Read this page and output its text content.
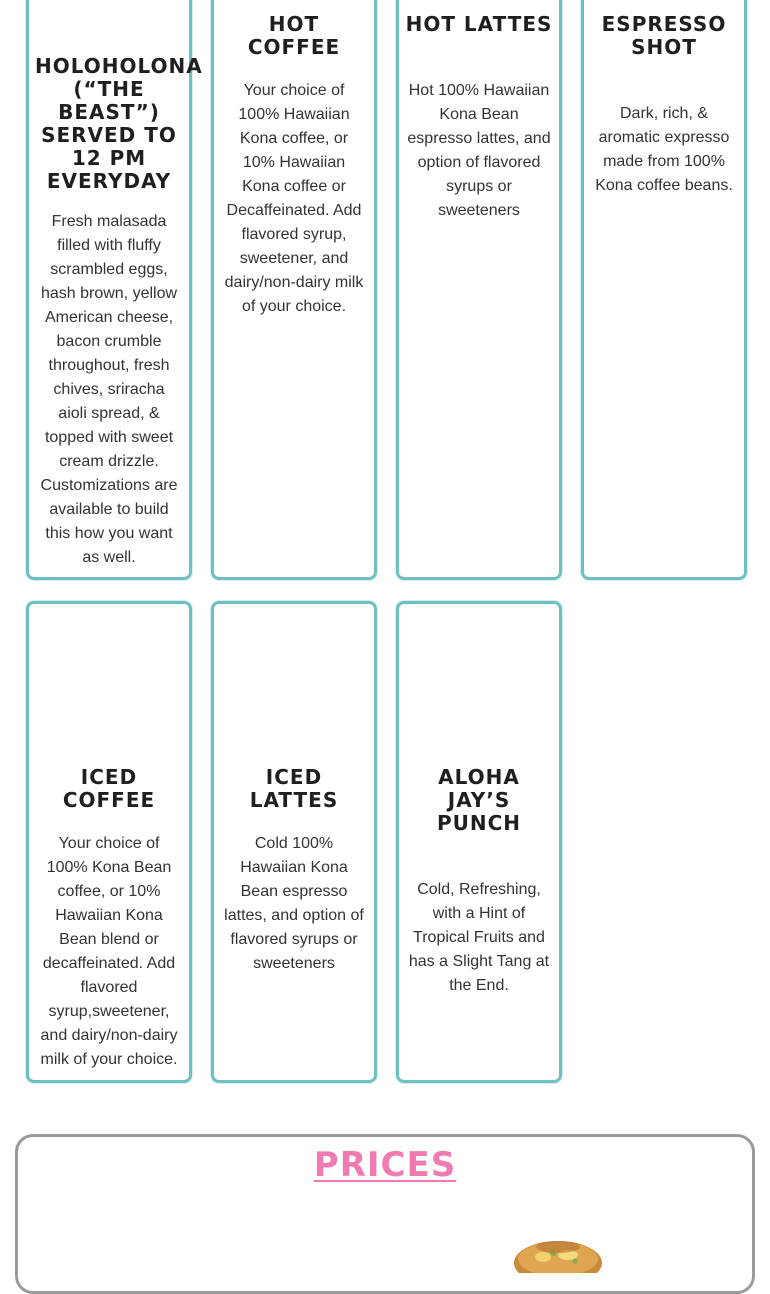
HOLOHOLONA (“THE BEAST”) SERVED TO 12 PM EVERYDAY
Fresh malasada filled with fluffy scrambled eggs, hash brown, yellow American cheese, bacon crumble throughout, fresh chives, sriracha aioli spread, & topped with sweet cream drizzle. Customizations are available to build this how you want as well.
HOT COFFEE
Your choice of 100% Hawaiian Kona coffee, or 10% Hawaiian Kona coffee or Decaffeinated. Add flavored syrup, sweetener, and dairy/non-dairy milk of your choice.
HOT LATTES
Hot 100% Hawaiian Kona Bean espresso lattes, and option of flavored syrups or sweeteners
ESPRESSO SHOT
Dark, rich, & aromatic expresso made from 100% Kona coffee beans.
ICED COFFEE
Your choice of 100% Kona Bean coffee, or 10% Hawaiian Kona Bean blend or decaffeinated. Add flavored syrup,sweetener, and dairy/non-dairy milk of your choice.
ICED LATTES
Cold 100% Hawaiian Kona Bean espresso lattes, and option of flavored syrups or sweeteners
ALOHA JAY’S PUNCH
Cold, Refreshing, with a Hint of Tropical Fruits and has a Slight Tang at the End.
PRICES
